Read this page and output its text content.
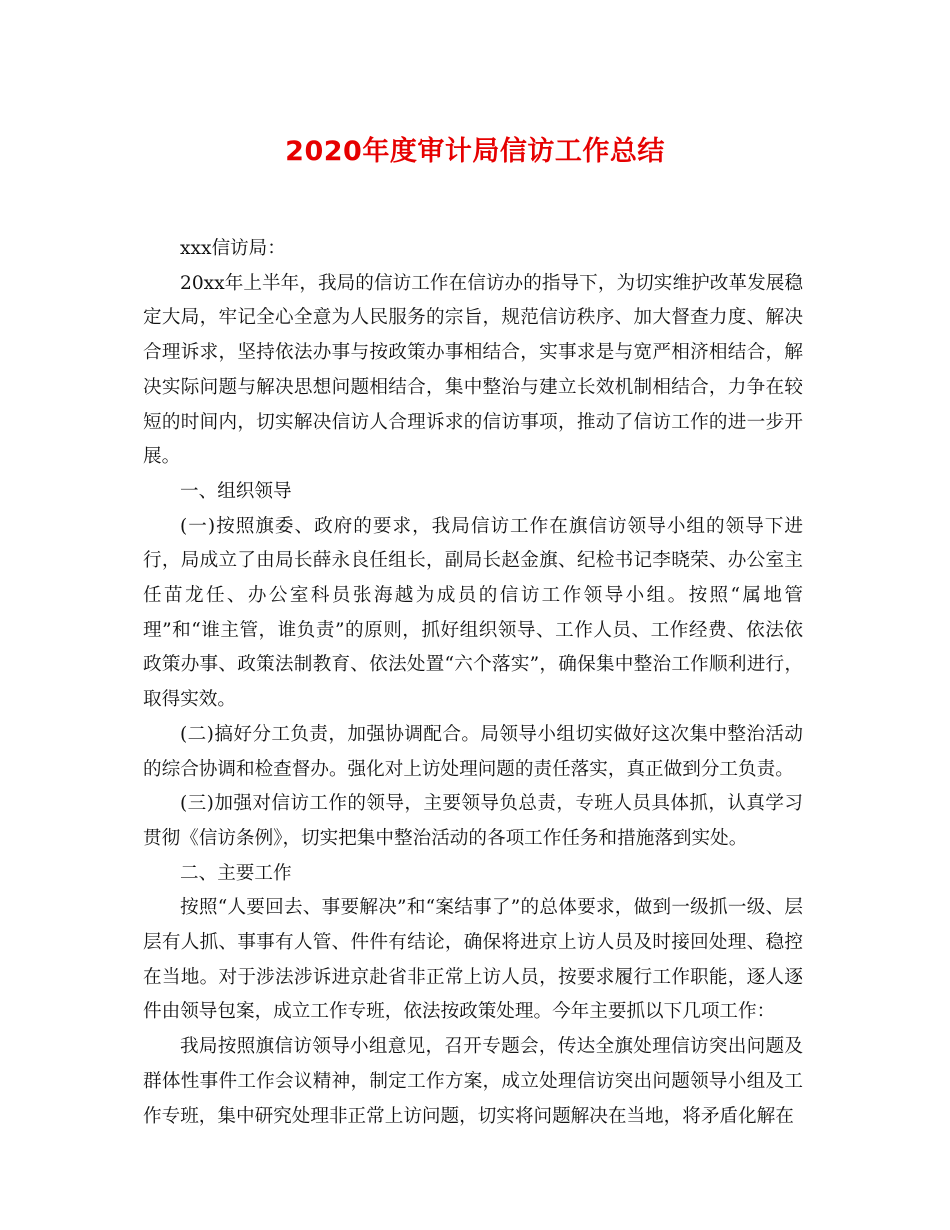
2020年度审计局信访工作总结

xxx信访局：

20xx年上半年，我局的信访工作在信访办的指导下，为切实维护改革发展稳定大局，牢记全心全意为人民服务的宗旨，规范信访秩序、加大督查力度、解决合理诉求，坚持依法办事与按政策办事相结合，实事求是与宽严相济相结合，解决实际问题与解决思想问题相结合，集中整治与建立长效机制相结合，力争在较短的时间内，切实解决信访人合理诉求的信访事项，推动了信访工作的进一步开展。

一、组织领导

(一)按照旗委、政府的要求，我局信访工作在旗信访领导小组的领导下进行，局成立了由局长薛永良任组长，副局长赵金旗、纪检书记李晓荣、办公室主任苗龙任、办公室科员张海越为成员的信访工作领导小组。按照“属地管理”和“谁主管，谁负责”的原则，抓好组织领导、工作人员、工作经费、依法依政策办事、政策法制教育、依法处置“六个落实”，确保集中整治工作顺利进行，取得实效。

(二)搞好分工负责，加强协调配合。局领导小组切实做好这次集中整治活动的综合协调和检查督办。强化对上访处理问题的责任落实，真正做到分工负责。

(三)加强对信访工作的领导，主要领导负总责，专班人员具体抓，认真学习贯彻《信访条例》，切实把集中整治活动的各项工作任务和措施落到实处。

二、主要工作

按照“人要回去、事要解决”和“案结事了”的总体要求，做到一级抓一级、层层有人抓、事事有人管、件件有结论，确保将进京上访人员及时接回处理、稳控在当地。对于涉法涉诉进京赴省非正常上访人员，按要求履行工作职能，逐人逐件由领导包案，成立工作专班，依法按政策处理。今年主要抓以下几项工作：

我局按照旗信访领导小组意见，召开专题会，传达全旗处理信访突出问题及群体性事件工作会议精神，制定工作方案，成立处理信访突出问题领导小组及工作专班，集中研究处理非正常上访问题，切实将问题解决在当地，将矛盾化解在
